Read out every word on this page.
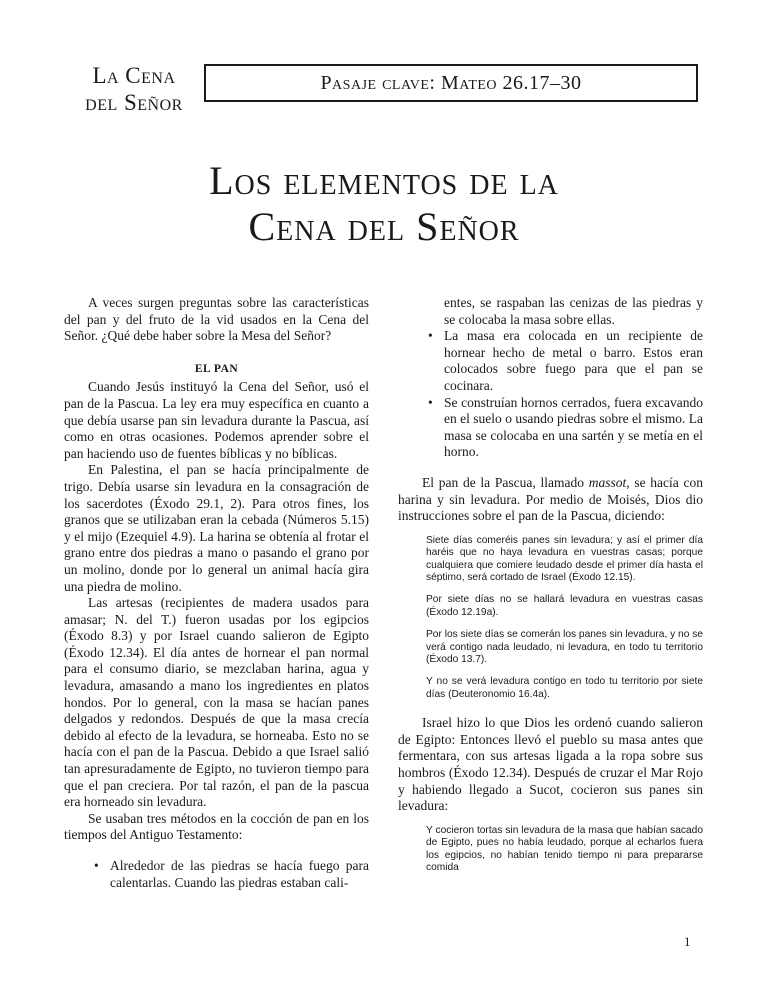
La Cena
del Señor
Pasaje clave: Mateo 26.17–30
Los elementos de la
Cena del Señor

A veces surgen preguntas sobre las características del pan y del fruto de la vid usados en la Cena del Señor. ¿Qué debe haber sobre la Mesa del Señor?

EL PAN

Cuando Jesús instituyó la Cena del Señor, usó el pan de la Pascua. La ley era muy específica en cuanto a que debía usarse pan sin levadura durante la Pascua, así como en otras ocasiones. Podemos aprender sobre el pan haciendo uso de fuentes bíblicas y no bíblicas.

En Palestina, el pan se hacía principalmente de trigo. Debía usarse sin levadura en la consagración de los sacerdotes (Éxodo 29.1, 2). Para otros fines, los granos que se utilizaban eran la cebada (Números 5.15) y el mijo (Ezequiel 4.9). La harina se obtenía al frotar el grano entre dos piedras a mano o pasando el grano por un molino, donde por lo general un animal hacía gira una piedra de molino.

Las artesas (recipientes de madera usados para amasar; N. del T.) fueron usadas por los egipcios (Éxodo 8.3) y por Israel cuando salieron de Egipto (Éxodo 12.34). El día antes de hornear el pan normal para el consumo diario, se mezclaban harina, agua y levadura, amasando a mano los ingredientes en platos hondos. Por lo general, con la masa se hacían panes delgados y redondos. Después de que la masa crecía debido al efecto de la levadura, se horneaba. Esto no se hacía con el pan de la Pascua. Debido a que Israel salió tan apresuradamente de Egipto, no tuvieron tiempo para que el pan creciera. Por tal razón, el pan de la pascua era horneado sin levadura.

Se usaban tres métodos en la cocción de pan en los tiempos del Antiguo Testamento:

• Alrededor de las piedras se hacía fuego para calentarlas. Cuando las piedras estaban cali-
entes, se raspaban las cenizas de las piedras y se colocaba la masa sobre ellas.
• La masa era colocada en un recipiente de hornear hecho de metal o barro. Estos eran colocados sobre fuego para que el pan se cocinara.
• Se construían hornos cerrados, fuera excavando en el suelo o usando piedras sobre el mismo. La masa se colocaba en una sartén y se metía en el horno.

El pan de la Pascua, llamado massot, se hacía con harina y sin levadura. Por medio de Moisés, Dios dio instrucciones sobre el pan de la Pascua, diciendo:

Siete días comeréis panes sin levadura; y así el primer día haréis que no haya levadura en vuestras casas; porque cualquiera que comiere leudado desde el primer día hasta el séptimo, será cortado de Israel (Éxodo 12.15).
Por siete días no se hallará levadura en vuestras casas (Éxodo 12.19a).
Por los siete días se comerán los panes sin levadura, y no se verá contigo nada leudado, ni levadura, en todo tu territorio (Éxodo 13.7).
Y no se verá levadura contigo en todo tu territorio por siete días (Deuteronomio 16.4a).

Israel hizo lo que Dios les ordenó cuando salieron de Egipto: Entonces llevó el pueblo su masa antes que fermentara, con sus artesas ligada a la ropa sobre sus hombros (Éxodo 12.34). Después de cruzar el Mar Rojo y habiendo llegado a Sucot, cocieron sus panes sin levadura:

Y cocieron tortas sin levadura de la masa que habían sacado de Egipto, pues no había leudado, porque al echarlos fuera los egipcios, no habían tenido tiempo ni para prepararse comida
1
